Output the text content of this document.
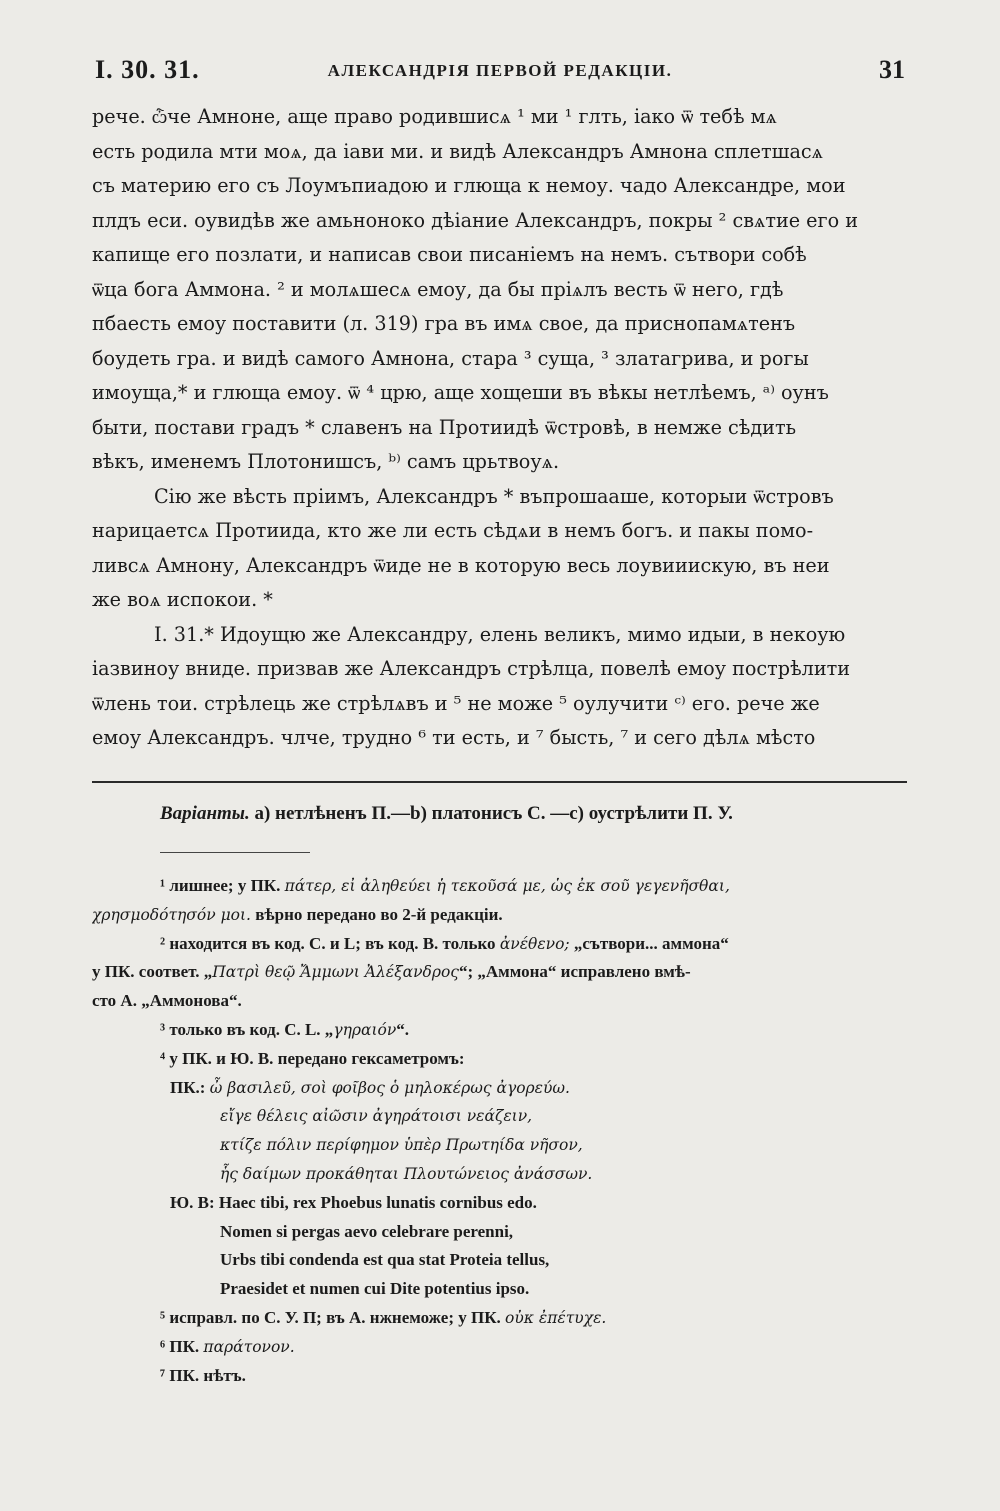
I. 30. 31.	АЛЕКСАНДРІЯ ПЕРВОЙ РЕДАКЦІИ.	31
рече. ѽче Амноне, аще право родившисѧ ¹ ми ¹ глть, iако ѿ тебѣ мѧ
есть родила мти моѧ, да iави ми. и видѣ Александръ Амнона сплетшасѧ
съ материю его съ Лоумъпиадою и глюща к немоу. чадо Александре, мои
плдъ еси. оувидѣв же амьноноко дѣiание Александръ, покры ² свѧтие его и
капище его позлати, и написав свои писанiемъ на немъ. сътвори собѣ
ѿца бога Аммона. ² и молѧшесѧ емоу, да бы прiѧлъ весть ѿ него, гдѣ
пбаесть емоу поставити (л. 319) гра въ имѧ свое, да приснопамѧтенъ
боудеть гра. и видѣ самого Амнона, стара ³ суща, ³ златагрива, и рогы
имоуща,* и глюща емоу. ѿ ⁴ црю, аще хощеши въ вѣкы нетлѣемъ, ᵃ⁾ оунъ
быти, постави градъ * славенъ на Протиидѣ ѿстровѣ, в немже сѣдить
вѣкъ, именемъ Плотонишсъ, ᵇ⁾ самъ црьтвоуѧ.
Сiю же вѣсть прiимъ, Александръ * въпрошааше, которыи ѿстровъ
нарицаетсѧ Протиида, кто же ли есть сѣдѧи в немъ богъ. и пакы помо-
ливсѧ Амнону, Александръ ѿиде не в которую весь лоувииискую, въ неи
же воѧ испокои. *
I. 31.* Идоущю же Александру, елень великъ, мимо идыи, в некоую
iазвиноу вниде. призвав же Александръ стрѣлца, повелѣ емоу пострѣлити
ѿлень тои. стрѣлець же стрѣлѧвъ и ⁵ не може ⁵ оулучити ᶜ⁾ его. рече же
емоу Александръ. члче, трудно ⁶ ти есть, и ⁷ бысть, ⁷ и сего дѣлѧ мѣсто
Варiанты. a) нетлѣненъ П.—b) платонисъ С. —c) оустрѣлити П. У.
¹ лишнее; у ПК. πάτερ, εἰ ἀληθεύει ἡ τεκοῦσά με, ὡς ἐκ σοῦ γεγενῆσθαι,
χρησμοδότησόν μοι. вѣрно передано во 2-й редакціи.
² находится въ код. С. и L; въ код. В. только ἀνέθενο; „сътвори... аммона“
у ПК. соответ. „Πατρὶ θεῷ Ἄμμωνι Ἀλέξανδρος“; „Аммона“ исправлено вмѣ-
сто А. „Аммонова“.
³ только въ код. С. L. „γηραιόν“.
⁴ у ПК. и Ю. В. передано гексаметромъ:
ПК.: ὦ βασιλεῦ, σοὶ φοῖβος ὁ μηλοκέρως ἀγορεύω.
εἴγε θέλεις αἰῶσιν ἀγηράτοισι νεάζειν,
κτίζε πόλιν περίφημον ὑπὲρ Πρωτηίδα νῆσον,
ἧς δαίμων προκάθηται Πλουτώνειος ἀνάσσων.
Ю. В: Haec tibi, rex Phoebus lunatis cornibus edo.
Nomen si pergas aevo celebrare perenni,
Urbs tibi condenda est qua stat Proteia tellus,
Praesidet et numen cui Dite potentius ipso.
⁵ исправл. по С. У. П; въ А. нжнеможе; у ПК. οὐκ ἐπέτυχε.
⁶ ПК. παράτονον.
⁷ ПК. нѣтъ.
